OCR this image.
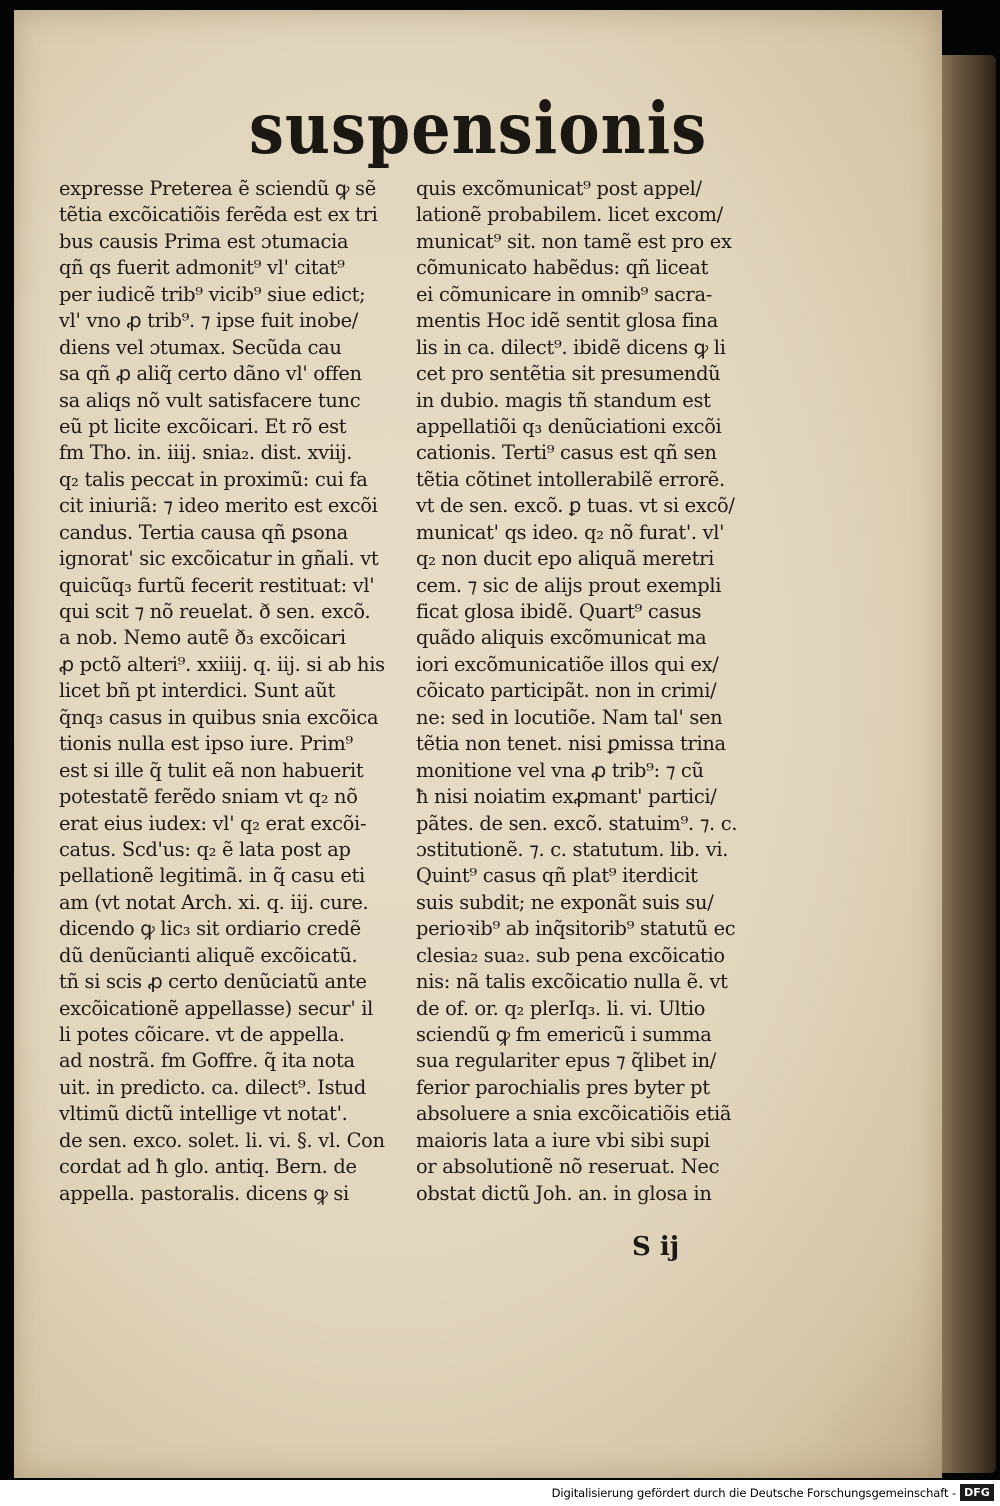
suspensionis
expresse Preterea ẽ sciendũ ꝙ sẽ
tẽtia excõicatiõis ferẽda est ex tri
bus causis Prima est ɔtumacia
qñ qs fuerit admonit⁹ vl' citat⁹
per iudicẽ trib⁹ vicib⁹ siue edict;
vl' vno ꝓ trib⁹. ⁊ ipse fuit inobe/
diens vel ɔtumax. Secũda cau
sa qñ ꝓ aliq̃ certo dãno vl' offen
sa aliqs nõ vult satisfacere tunc
eũ pt licite excõicari. Et rõ est
fm Tho. in. iiij. snia₂. dist. xviij.
q₂ talis peccat in proximũ: cui fa
cit iniuriã: ⁊ ideo merito est excõi
candus. Tertia causa qñ ꝑsona
ignorat' sic excõicatur in gñali. vt
quicũq₃ furtũ fecerit restituat: vl'
qui scit ⁊ nõ reuelat. ð sen. excõ.
a nob. Nemo autẽ ð₃ excõicari
ꝓ pctõ alteri⁹. xxiiij. q. iij. si ab his
licet bñ pt interdici. Sunt aũt
q̃nq₃ casus in quibus snia excõica
tionis nulla est ipso iure. Prim⁹
est si ille q̃ tulit eã non habuerit
potestatẽ ferẽdo sniam vt q₂ nõ
erat eius iudex: vl' q₂ erat excõi-
catus. Scd'us: q₂ ẽ lata post ap
pellationẽ legitimã. in q̃ casu eti
am (vt notat Arch. xi. q. iij. cure.
dicendo ꝙ lic₃ sit ordiario credẽ
dũ denũcianti aliquẽ excõicatũ.
tñ si scis ꝓ certo denũciatũ ante
excõicationẽ appellasse) secur' il
li potes cõicare. vt de appella.
ad nostrã. fm Goffre. q̃ ita nota
uit. in predicto. ca. dilect⁹. Istud
vltimũ dictũ intellige vt notat'.
de sen. exco. solet. li. vi. §. vl. Con
cordat ad ħ glo. antiq. Bern. de
appella. pastoralis. dicens ꝙ si
quis excõmunicat⁹ post appel/
lationẽ probabilem. licet excom/
municat⁹ sit. non tamẽ est pro ex
cõmunicato habẽdus: qñ liceat
ei cõmunicare in omnib⁹ sacra-
mentis Hoc idẽ sentit glosa fina
lis in ca. dilect⁹. ibidẽ dicens ꝙ li
cet pro sentẽtia sit presumendũ
in dubio. magis tñ standum est
appellatiõi q₃ denũciationi excõi
cationis. Terti⁹ casus est qñ sen
tẽtia cõtinet intollerabilẽ errorẽ.
vt de sen. excõ. ꝑ tuas. vt si excõ/
municat' qs ideo. q₂ nõ furat'. vl'
q₂ non ducit epo aliquã meretri
cem. ⁊ sic de alijs prout exempli
ficat glosa ibidẽ. Quart⁹ casus
quãdo aliquis excõmunicat ma
iori excõmunicatiõe illos qui ex/
cõicato participãt. non in crimi/
ne: sed in locutiõe. Nam tal' sen
tẽtia non tenet. nisi ꝑmissa trina
monitione vel vna ꝓ trib⁹: ⁊ cũ
ħ nisi noiatim exꝓmant' partici/
pãtes. de sen. excõ. statuim⁹. ⁊. c.
ɔstitutionẽ. ⁊. c. statutum. lib. vi.
Quint⁹ casus qñ plat⁹ iterdicit
suis subdit; ne exponãt suis su/
perioꝛib⁹ ab inq̃sitorib⁹ statutũ ec
clesia₂ sua₂. sub pena excõicatio
nis: nã talis excõicatio nulla ẽ. vt
de of. or. q₂ plerIq₃. li. vi. Ultio
sciendũ ꝙ fm emericũ i summa
sua regulariter epus ⁊ q̃libet in/
ferior parochialis pres byter pt
absoluere a snia excõicatiõis etiã
maioris lata a iure vbi sibi supi
or absolutionẽ nõ reseruat. Nec
obstat dictũ Joh. an. in glosa in
S ij
Digitalisierung gefördert durch die Deutsche Forschungsgemeinschaft - DFG
